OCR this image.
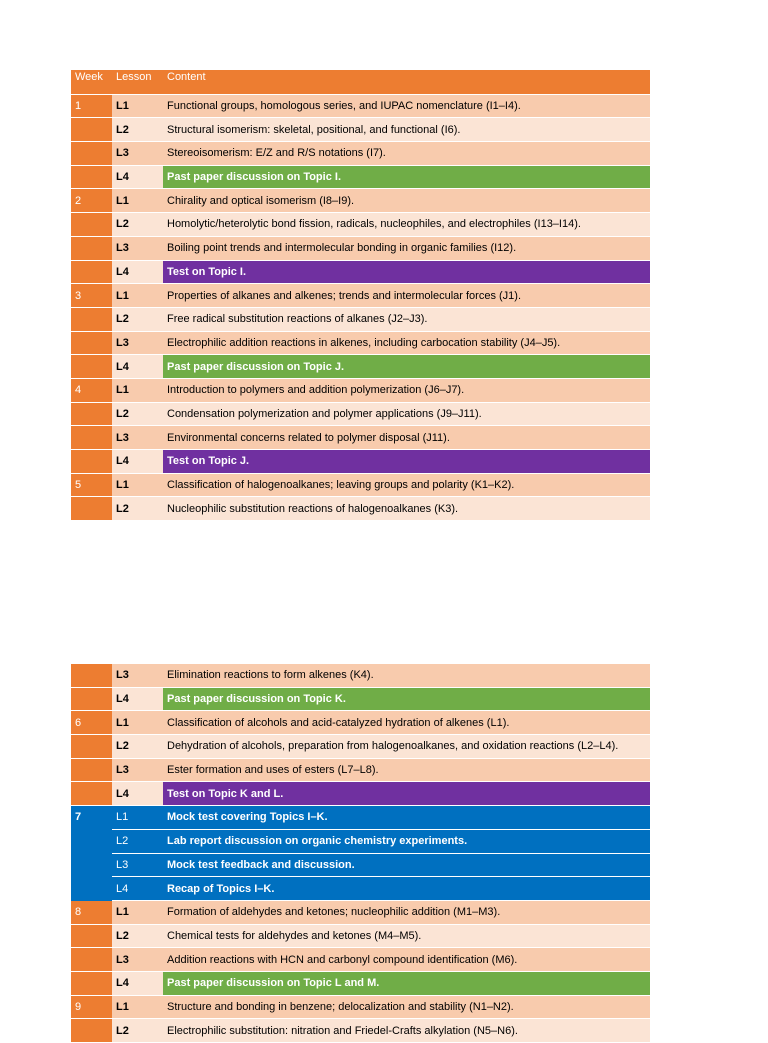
Week	Lesson	Content
1	L1	Functional groups, homologous series, and IUPAC nomenclature (I1–I4).
	L2	Structural isomerism: skeletal, positional, and functional (I6).
	L3	Stereoisomerism: E/Z and R/S notations (I7).
	L4	Past paper discussion on Topic I.
2	L1	Chirality and optical isomerism (I8–I9).
	L2	Homolytic/heterolytic bond fission, radicals, nucleophiles, and electrophiles (I13–I14).
	L3	Boiling point trends and intermolecular bonding in organic families (I12).
	L4	Test on Topic I.
3	L1	Properties of alkanes and alkenes; trends and intermolecular forces (J1).
	L2	Free radical substitution reactions of alkanes (J2–J3).
	L3	Electrophilic addition reactions in alkenes, including carbocation stability (J4–J5).
	L4	Past paper discussion on Topic J.
4	L1	Introduction to polymers and addition polymerization (J6–J7).
	L2	Condensation polymerization and polymer applications (J9–J11).
	L3	Environmental concerns related to polymer disposal (J11).
	L4	Test on Topic J.
5	L1	Classification of halogenoalkanes; leaving groups and polarity (K1–K2).
	L2	Nucleophilic substitution reactions of halogenoalkanes (K3).
	L3	Elimination reactions to form alkenes (K4).
	L4	Past paper discussion on Topic K.
6	L1	Classification of alcohols and acid-catalyzed hydration of alkenes (L1).
	L2	Dehydration of alcohols, preparation from halogenoalkanes, and oxidation reactions (L2–L4).
	L3	Ester formation and uses of esters (L7–L8).
	L4	Test on Topic K and L.
7	L1	Mock test covering Topics I–K.
	L2	Lab report discussion on organic chemistry experiments.
	L3	Mock test feedback and discussion.
	L4	Recap of Topics I–K.
8	L1	Formation of aldehydes and ketones; nucleophilic addition (M1–M3).
	L2	Chemical tests for aldehydes and ketones (M4–M5).
	L3	Addition reactions with HCN and carbonyl compound identification (M6).
	L4	Past paper discussion on Topic L and M.
9	L1	Structure and bonding in benzene; delocalization and stability (N1–N2).
	L2	Electrophilic substitution: nitration and Friedel-Crafts alkylation (N5–N6).
